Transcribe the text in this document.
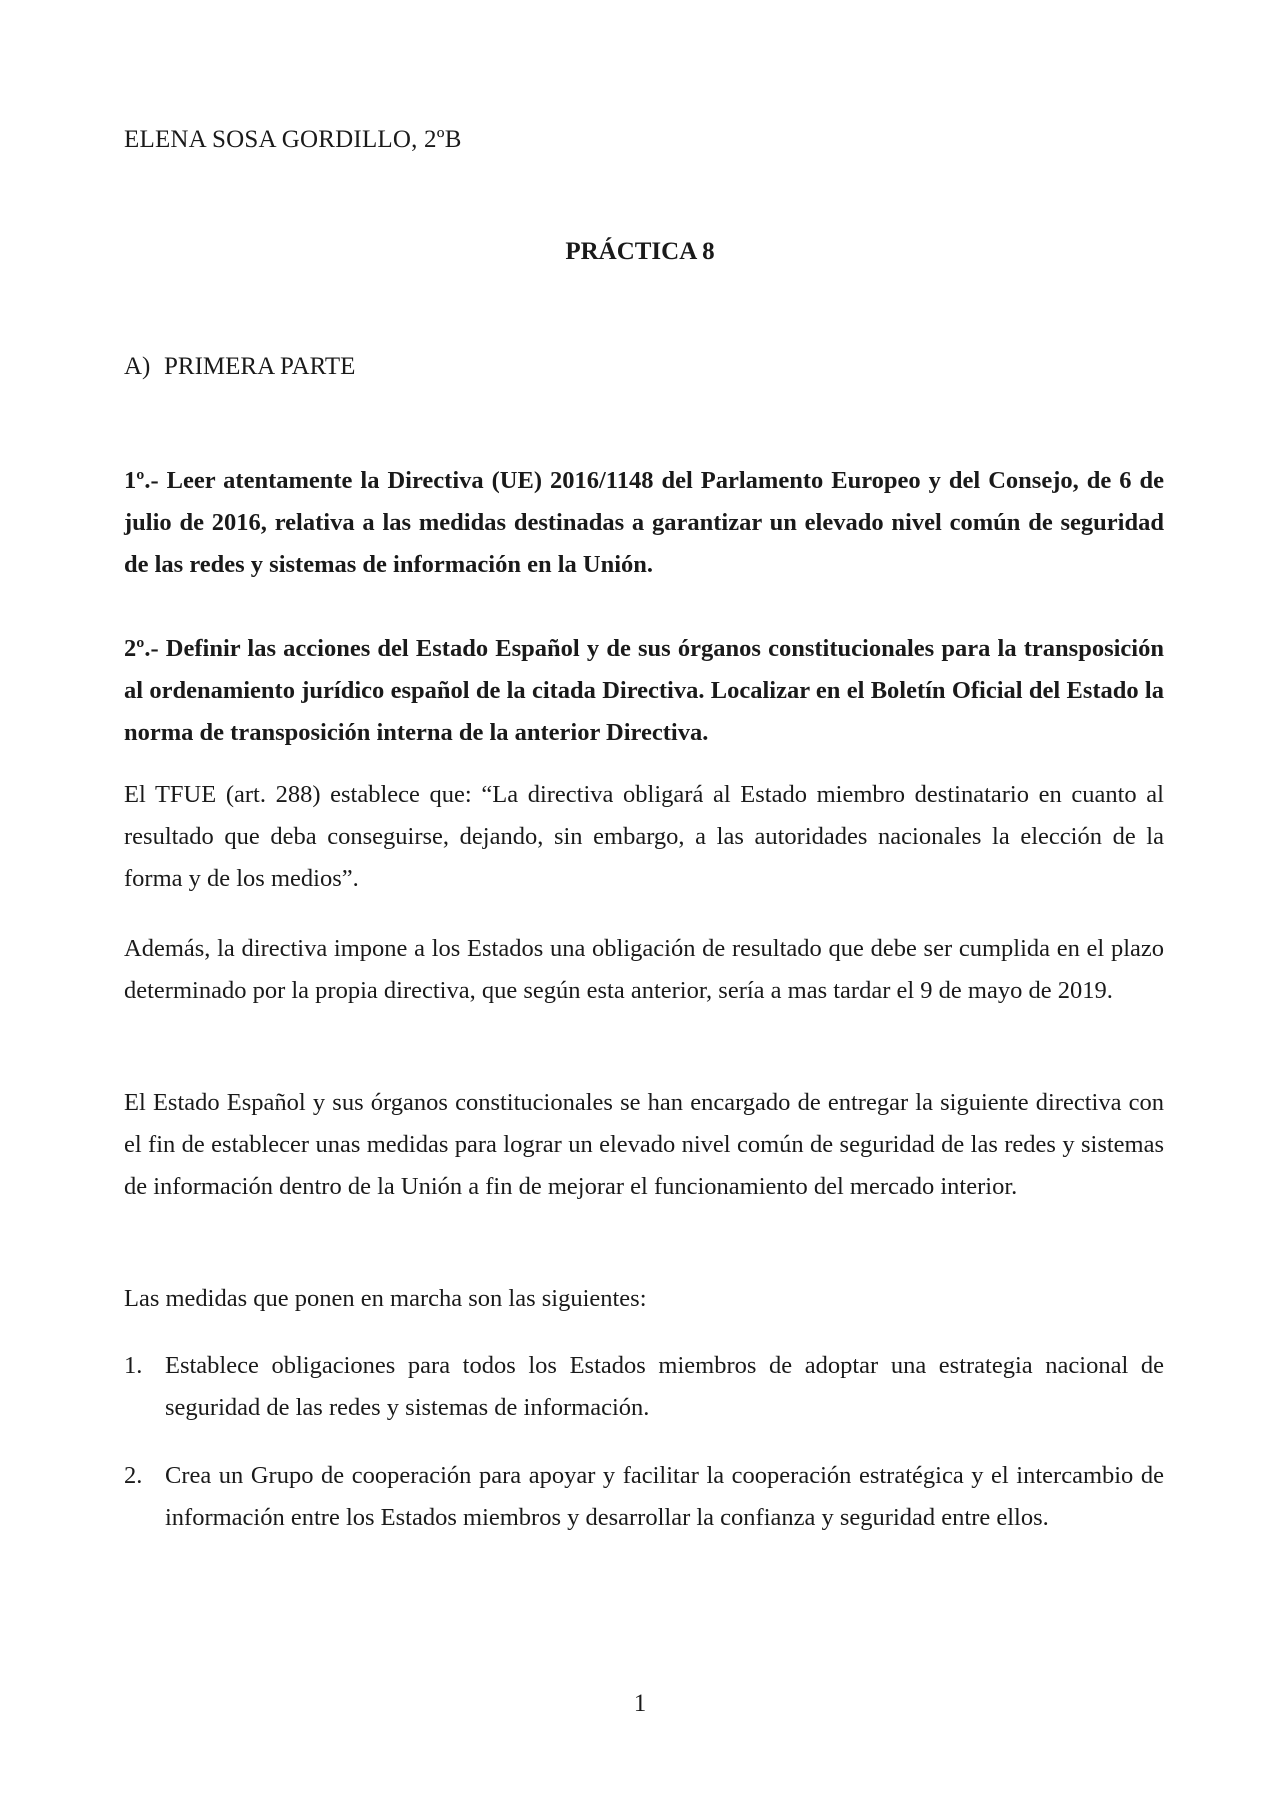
ELENA SOSA GORDILLO, 2ºB
PRÁCTICA 8
A) PRIMERA PARTE
1º.- Leer atentamente la Directiva (UE) 2016/1148 del Parlamento Europeo y del Consejo, de 6 de julio de 2016, relativa a las medidas destinadas a garantizar un elevado nivel común de seguridad de las redes y sistemas de información en la Unión.
2º.- Definir las acciones del Estado Español y de sus órganos constitucionales para la transposición al ordenamiento jurídico español de la citada Directiva. Localizar en el Boletín Oficial del Estado la norma de transposición interna de la anterior Directiva.
El TFUE (art. 288) establece que: “La directiva obligará al Estado miembro destinatario en cuanto al resultado que deba conseguirse, dejando, sin embargo, a las autoridades nacionales la elección de la forma y de los medios”.
Además, la directiva impone a los Estados una obligación de resultado que debe ser cumplida en el plazo determinado por la propia directiva, que según esta anterior, sería a mas tardar el 9 de mayo de 2019.
El Estado Español y sus órganos constitucionales se han encargado de entregar la siguiente directiva con el fin de establecer unas medidas para lograr un elevado nivel común de seguridad de las redes y sistemas de información dentro de la Unión a fin de mejorar el funcionamiento del mercado interior.
Las medidas que ponen en marcha son las siguientes:
1. Establece obligaciones para todos los Estados miembros de adoptar una estrategia nacional de seguridad de las redes y sistemas de información.
2. Crea un Grupo de cooperación para apoyar y facilitar la cooperación estratégica y el intercambio de información entre los Estados miembros y desarrollar la confianza y seguridad entre ellos.
1
